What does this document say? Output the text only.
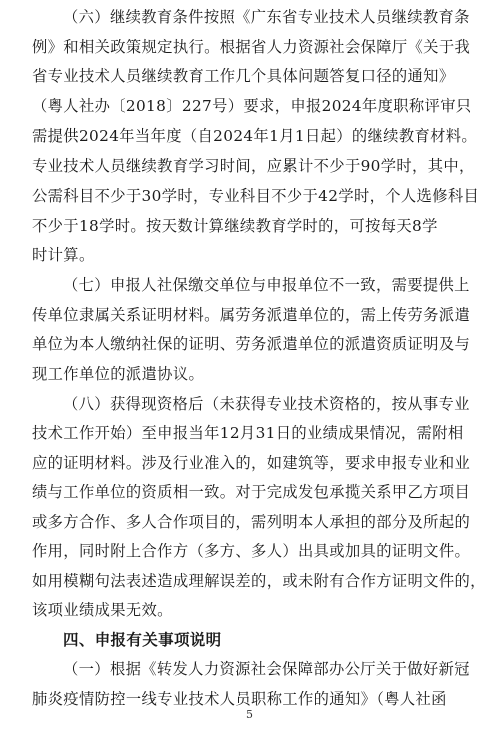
（六）继续教育条件按照《广东省专业技术人员继续教育条
例》和相关政策规定执行。根据省人力资源社会保障厅《关于我
省专业技术人员继续教育工作几个具体问题答复口径的通知》
（粤人社办〔2018〕227号）要求，申报2024年度职称评审只
需提供2024年当年度（自2024年1月1日起）的继续教育材料。
专业技术人员继续教育学习时间，应累计不少于90学时，其中，
公需科目不少于30学时，专业科目不少于42学时，个人选修科目
不少于18学时。按天数计算继续教育学时的，可按每天8学
时计算。
（七）申报人社保缴交单位与申报单位不一致，需要提供上
传单位隶属关系证明材料。属劳务派遣单位的，需上传劳务派遣
单位为本人缴纳社保的证明、劳务派遣单位的派遣资质证明及与
现工作单位的派遣协议。
（八）获得现资格后（未获得专业技术资格的，按从事专业
技术工作开始）至申报当年12月31日的业绩成果情况，需附相
应的证明材料。涉及行业准入的，如建筑等，要求申报专业和业
绩与工作单位的资质相一致。对于完成发包承揽关系甲乙方项目
或多方合作、多人合作项目的，需列明本人承担的部分及所起的
作用，同时附上合作方（多方、多人）出具或加具的证明文件。
如用模糊句法表述造成理解误差的，或未附有合作方证明文件的，
该项业绩成果无效。
四、申报有关事项说明
（一）根据《转发人力资源社会保障部办公厅关于做好新冠
肺炎疫情防控一线专业技术人员职称工作的通知》（粤人社函
5
